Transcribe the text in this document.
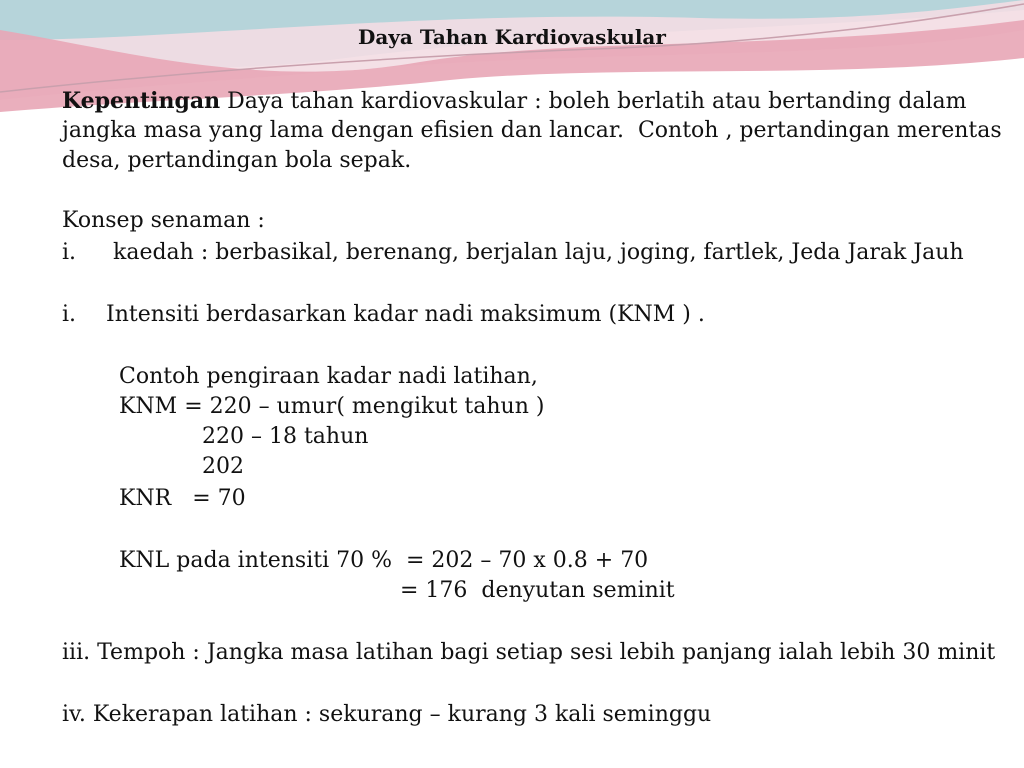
Daya Tahan Kardiovaskular
Kepentingan Daya tahan kardiovaskular : boleh berlatih atau bertanding dalam
jangka masa yang lama dengan efisien dan lancar.  Contoh , pertandingan merentas
desa, pertandingan bola sepak.
Konsep senaman :
i. kaedah : berbasikal, berenang, berjalan laju, joging, fartlek, Jeda Jarak Jauh
i. Intensiti berdasarkan kadar nadi maksimum (KNM ) .
Contoh pengiraan kadar nadi latihan,
KNM = 220 – umur( mengikut tahun )
220 – 18 tahun
202
KNR   = 70
KNL pada intensiti 70 %  = 202 – 70 x 0.8 + 70
= 176  denyutan seminit
iii. Tempoh : Jangka masa latihan bagi setiap sesi lebih panjang ialah lebih 30 minit
iv. Kekerapan latihan : sekurang – kurang 3 kali seminggu
